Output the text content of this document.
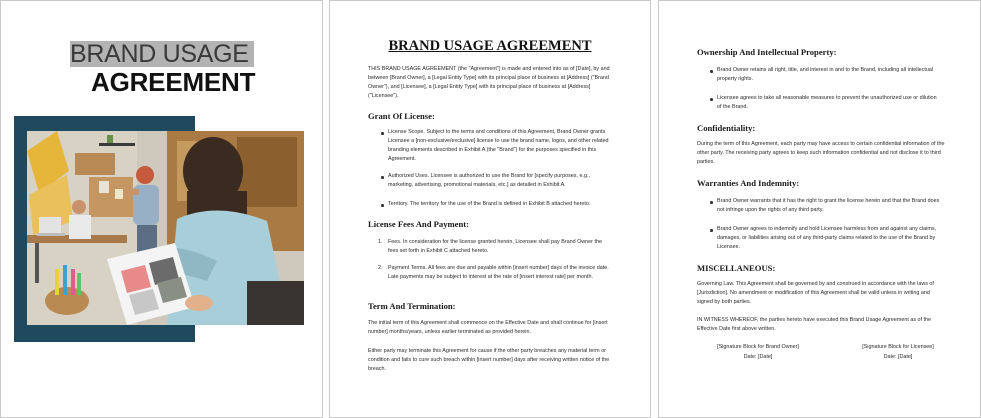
BRAND USAGE
AGREEMENT
BRAND USAGE AGREEMENT
THIS BRAND USAGE AGREEMENT (the "Agreement") is made and entered into as of [Date], by and between [Brand Owner], a [Legal Entity Type] with its principal place of business at [Address] ("Brand Owner"), and [Licensee], a [Legal Entity Type] with its principal place of business at [Address] ("Licensee").
Grant Of License:
License Scope. Subject to the terms and conditions of this Agreement, Brand Owner grants Licensee a [non-exclusive/exclusive] license to use the brand name, logos, and other related branding elements described in Exhibit A (the "Brand") for the purposes specified in this Agreement.
Authorized Uses. Licensee is authorized to use the Brand for [specify purposes, e.g., marketing, advertising, promotional materials, etc.] as detailed in Exhibit A.
Territory. The territory for the use of the Brand is defined in Exhibit B attached hereto.
License Fees And Payment:
1. Fees. In consideration for the license granted herein, Licensee shall pay Brand Owner the fees set forth in Exhibit C attached hereto.
2. Payment Terms. All fees are due and payable within [insert number] days of the invoice date. Late payments may be subject to interest at the rate of [insert interest rate] per month.
Term And Termination:
The initial term of this Agreement shall commence on the Effective Date and shall continue for [insert number] months/years, unless earlier terminated as provided herein.
Either party may terminate this Agreement for cause if the other party breaches any material term or condition and fails to cure such breach within [insert number] days after receiving written notice of the breach.
Ownership And Intellectual Property:
Brand Owner retains all right, title, and interest in and to the Brand, including all intellectual property rights.
Licensee agrees to take all reasonable measures to prevent the unauthorized use or dilution of the Brand.
Confidentiality:
During the term of this Agreement, each party may have access to certain confidential information of the other party. The receiving party agrees to keep such information confidential and not disclose it to third parties.
Warranties And Indemnity:
Brand Owner warrants that it has the right to grant the license herein and that the Brand does not infringe upon the rights of any third party.
Brand Owner agrees to indemnify and hold Licensee harmless from and against any claims, damages, or liabilities arising out of any third-party claims related to the use of the Brand by Licensee.
MISCELLANEOUS:
Governing Law. This Agreement shall be governed by and construed in accordance with the laws of [Jurisdiction]. No amendment or modification of this Agreement shall be valid unless in writing and signed by both parties.
IN WITNESS WHEREOF, the parties hereto have executed this Brand Usage Agreement as of the Effective Date first above written.
[Signature Block for Brand Owner]
Date: [Date]
[Signature Block for Licensee]
Date: [Date]
